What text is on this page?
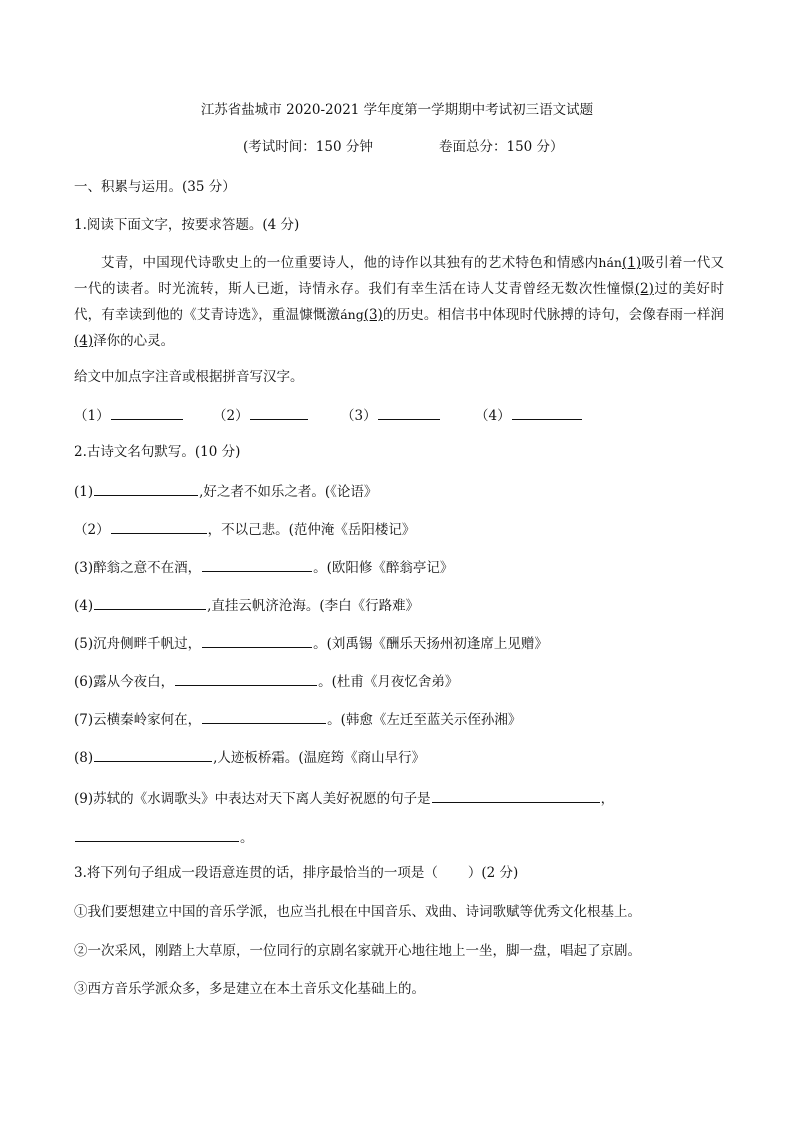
江苏省盐城市 2020-2021 学年度第一学期期中考试初三语文试题
(考试时间：150 分钟	卷面总分：150 分）
一、积累与运用。(35 分）
1.阅读下面文字，按要求答题。(4 分)
艾青，中国现代诗歌史上的一位重要诗人，他的诗作以其独有的艺术特色和情感内hán(1)吸引着一代又一代的读者。时光流转，斯人已逝，诗情永存。我们有幸生活在诗人艾青曾经无数次性憧憬(2)过的美好时代，有幸读到他的《艾青诗选》，重温慷慨激áng(3)的历史。相信书中体现时代脉搏的诗句，会像春雨一样润(4)泽你的心灵。
给文中加点字注音或根据拼音写汉字。
（1）	（2）	（3）	（4）
2.古诗文名句默写。(10 分)
(1)	,好之者不如乐之者。(《论语》
（2）	，不以己悲。(范仲淹《岳阳楼记》
(3)醉翁之意不在酒，	。(欧阳修《醉翁亭记》
(4)	,直挂云帆济沧海。(李白《行路难》
(5)沉舟侧畔千帆过，	。(刘禹锡《酬乐天扬州初逢席上见赠》
(6)露从今夜白，	。(杜甫《月夜忆舍弟》
(7)云横秦岭家何在，	。(韩愈《左迁至蓝关示侄孙湘》
(8)	,人迹板桥霜。(温庭筠《商山早行》
(9)苏轼的《水调歌头》中表达对天下离人美好祝愿的句子是	，
。
3.将下列句子组成一段语意连贯的话，排序最恰当的一项是（ ）(2 分)
①我们要想建立中国的音乐学派，也应当扎根在中国音乐、戏曲、诗词歌赋等优秀文化根基上。
②一次采风，刚踏上大草原，一位同行的京剧名家就开心地往地上一坐，脚一盘，唱起了京剧。
③西方音乐学派众多，多是建立在本土音乐文化基础上的。
